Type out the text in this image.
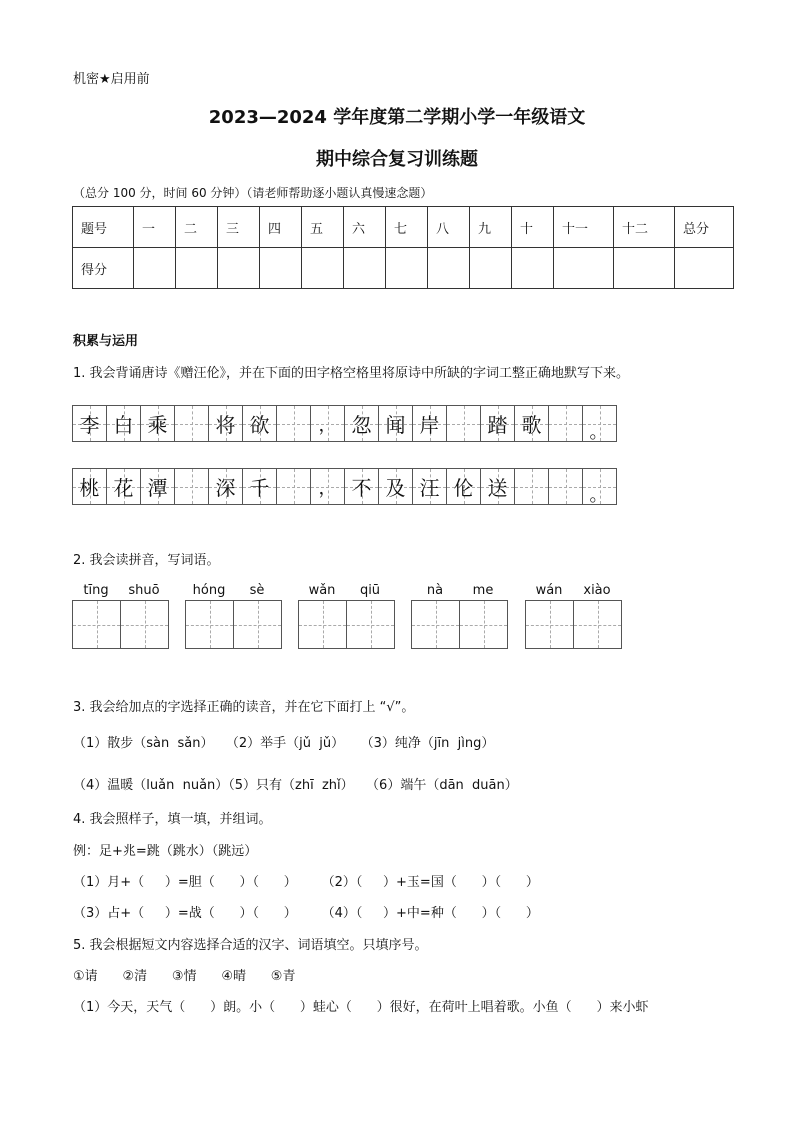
机密★启用前
2023—2024 学年度第二学期小学一年级语文
期中综合复习训练题
（总分 100 分，时间 60 分钟）（请老师帮助逐小题认真慢速念题）
题号	一	二	三	四	五	六	七	八	九	十	十一	十二	总分
得分													
积累与运用
1. 我会背诵唐诗《赠汪伦》，并在下面的田字格空格里将原诗中所缺的字词工整正确地默写下来。
李 白 乘 将 欲	， 忽 闻 岸 踏 歌	。
桃 花 潭 深 千	， 不 及 汪 伦 送	。
2. 我会读拼音，写词语。
tīng	shuō	hóng	sè	wǎn	qiū	nà	me	wán	xiào
3. 我会给加点的字选择正确的读音，并在它下面打上 “√”。
（1）散步（sàn  sǎn）   （2）举手（jǔ  jǔ）    （3）纯净（jīn  jìng）
（4）温暖（luǎn  nuǎn）（5）只有（zhī  zhǐ）   （6）端午（dān  duān）
4. 我会照样子，填一填，并组词。
例：足+兆=跳（跳水）（跳远）
（1）月+（     ）=胆（      ）（      ）      （2）（     ）+玉=国（      ）（      ）
（3）占+（     ）=战（      ）（      ）      （4）（     ）+中=种（      ）（      ）
5. 我会根据短文内容选择合适的汉字、词语填空。只填序号。
①请      ②清      ③情      ④晴      ⑤青
（1）今天，天气（      ）朗。小（      ）蛙心（      ）很好，在荷叶上唱着歌。小鱼（      ）来小虾
